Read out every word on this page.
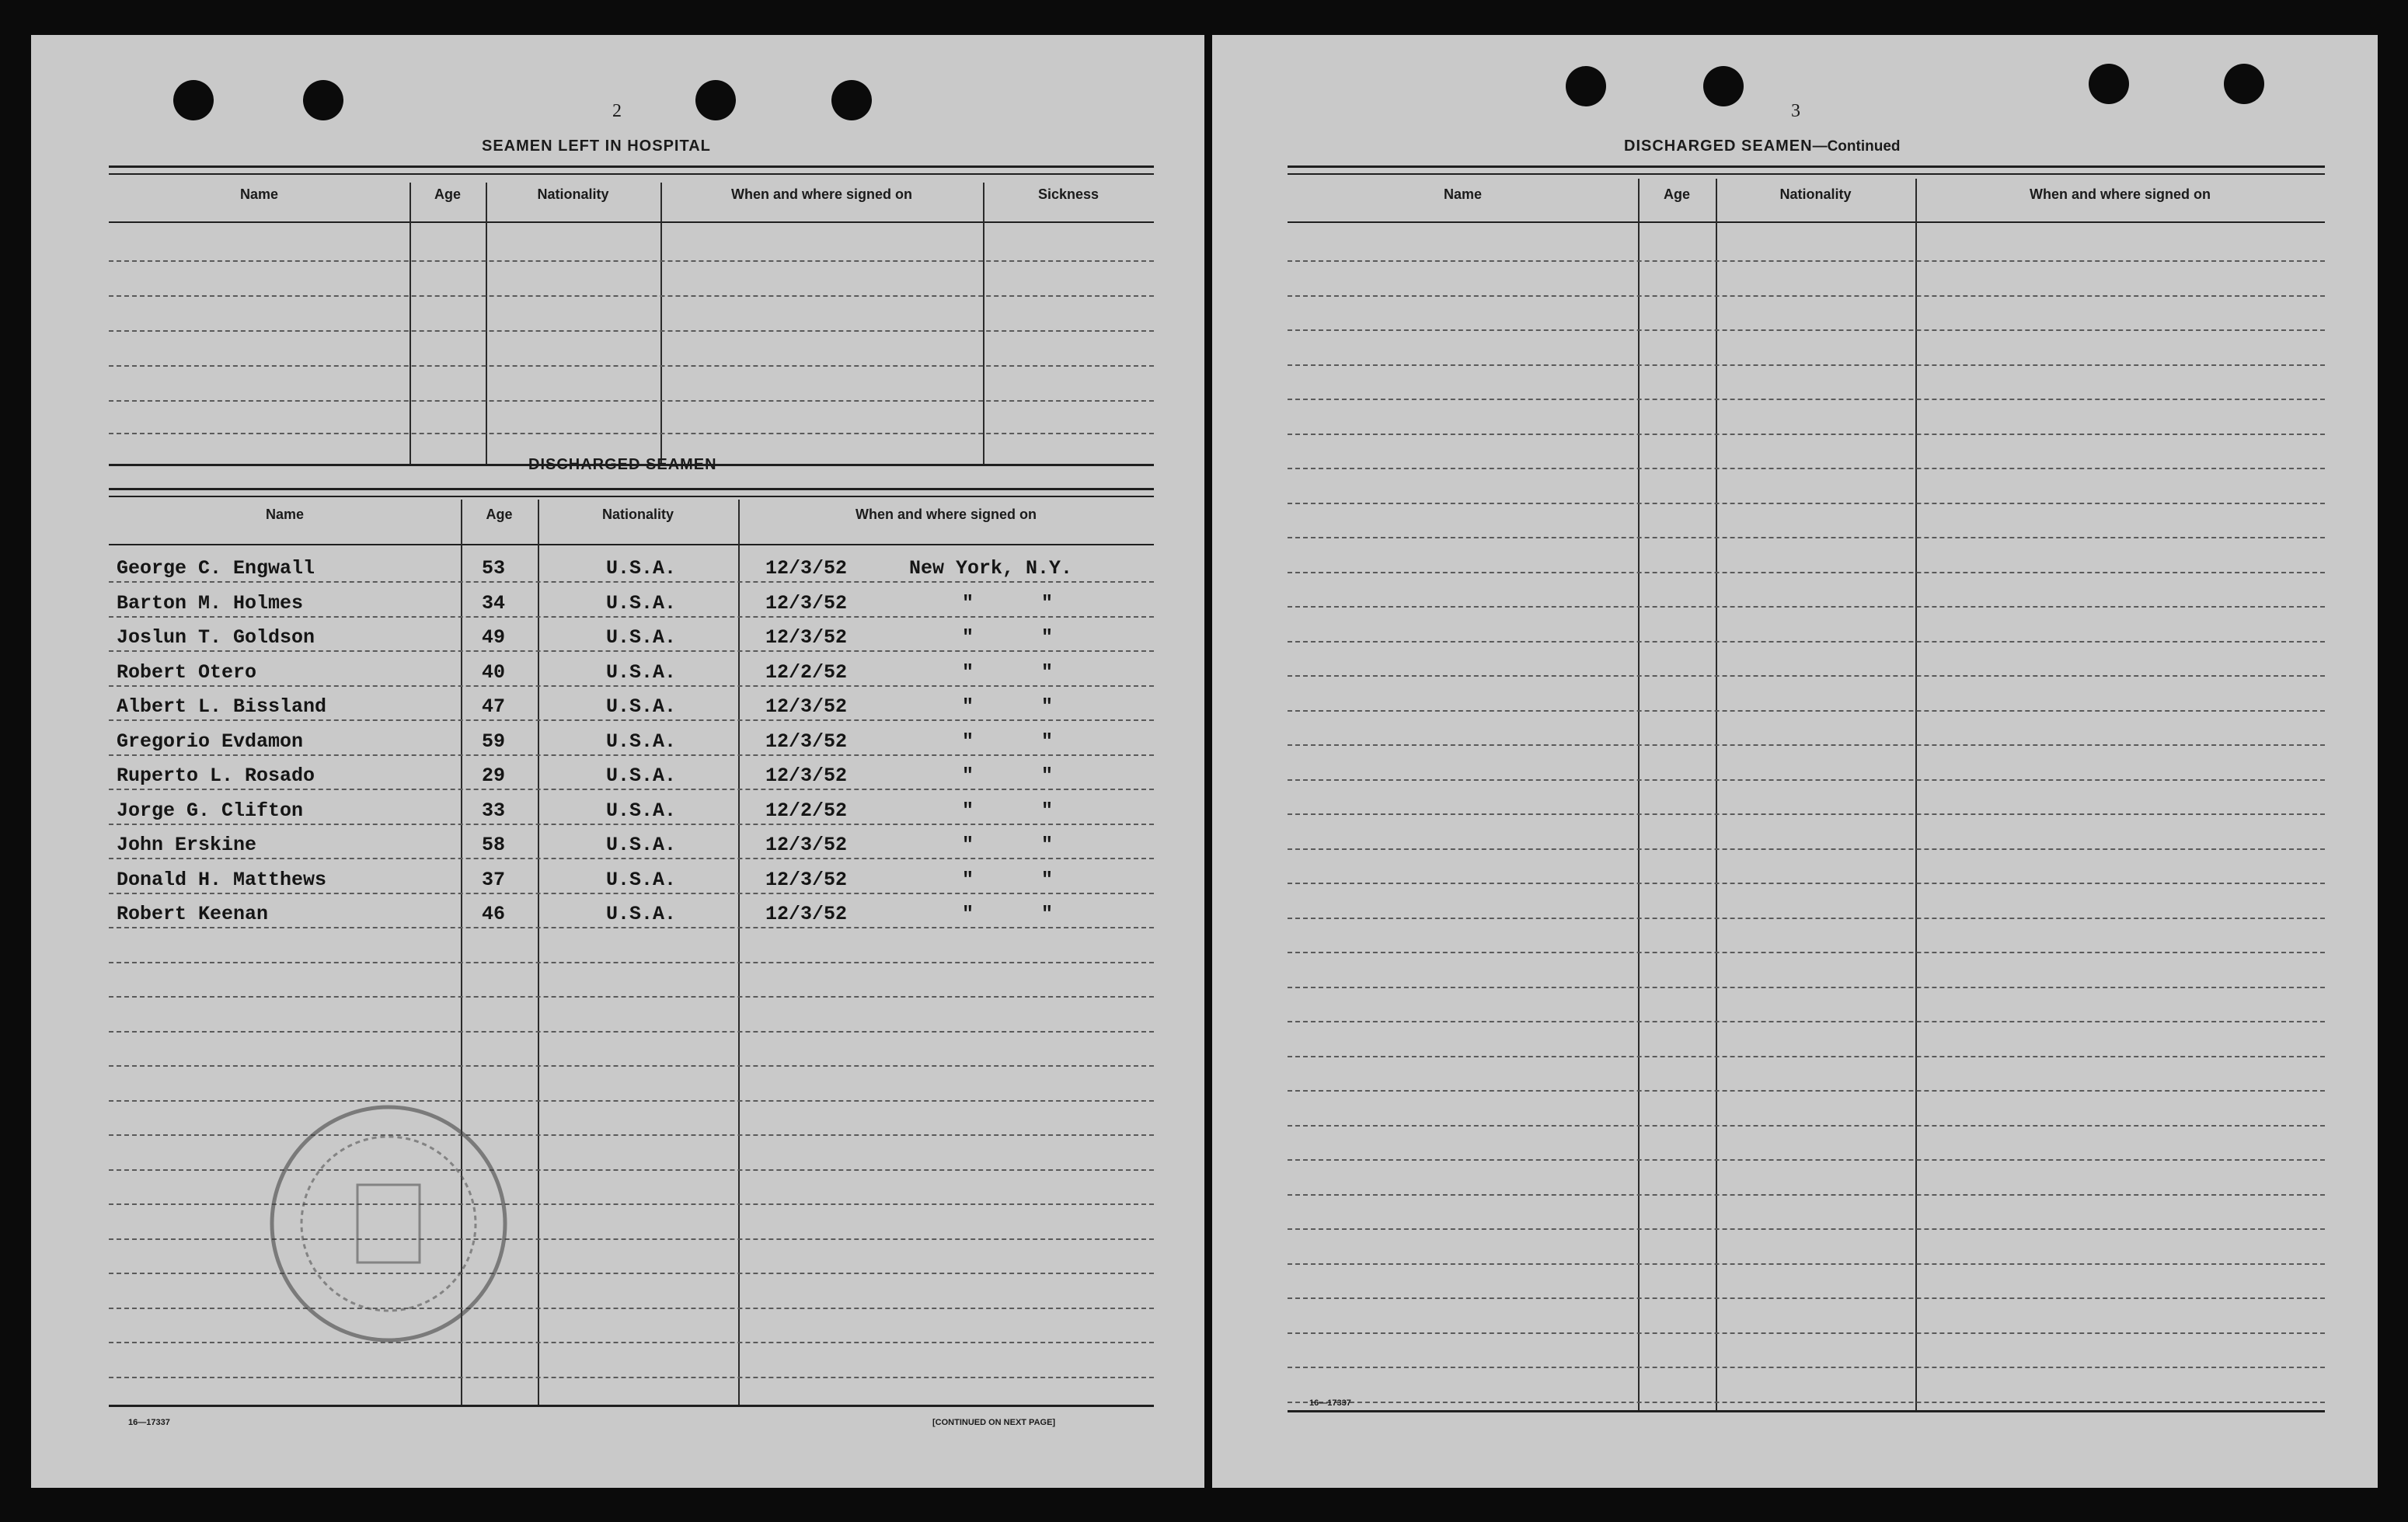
2
SEAMEN LEFT IN HOSPITAL
Name	Age	Nationality	When and where signed on	Sickness
DISCHARGED SEAMEN
Name	Age	Nationality	When and where signed on
George C. Engwall	53	U.S.A.	12/3/52	New York, N.Y.
Barton M. Holmes	34	U.S.A.	12/3/52	"	"
Joslun T. Goldson	49	U.S.A.	12/3/52	"	"
Robert Otero	40	U.S.A.	12/2/52	"	"
Albert L. Bissland	47	U.S.A.	12/3/52	"	"
Gregorio Evdamon	59	U.S.A.	12/3/52	"	"
Ruperto L. Rosado	29	U.S.A.	12/3/52	"	"
Jorge G. Clifton	33	U.S.A.	12/2/52	"	"
John Erskine	58	U.S.A.	12/3/52	"	"
Donald H. Matthews	37	U.S.A.	12/3/52	"	"
Robert Keenan	46	U.S.A.	12/3/52	"	"
16—17337	[CONTINUED ON NEXT PAGE]
3
DISCHARGED SEAMEN—Continued
Name	Age	Nationality	When and where signed on
16—17337
